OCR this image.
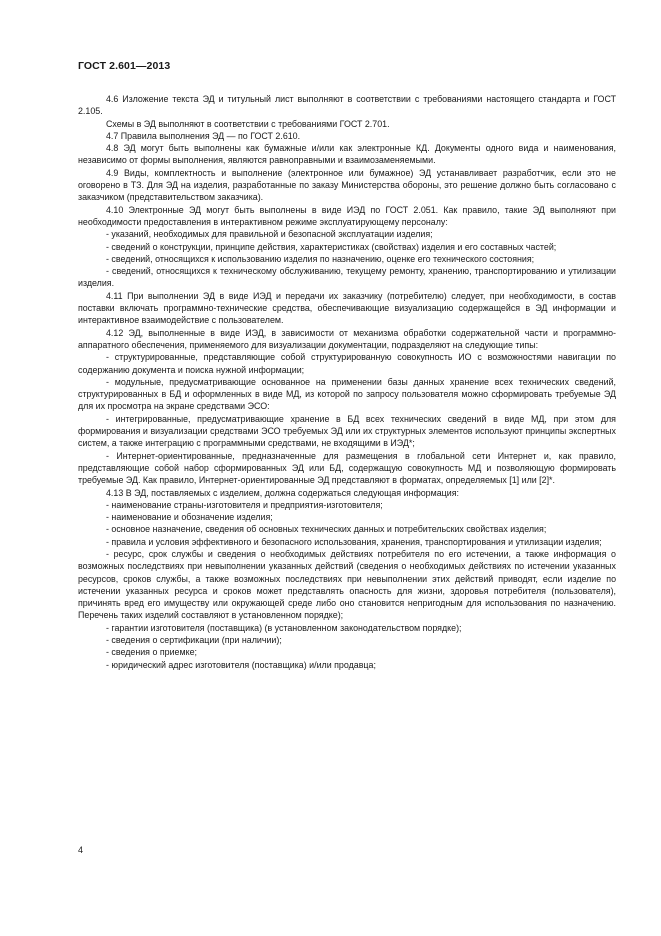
ГОСТ 2.601—2013

4.6 Изложение текста ЭД и титульный лист выполняют в соответствии с требованиями настоящего стандарта и ГОСТ 2.105.

Схемы в ЭД выполняют в соответствии с требованиями ГОСТ 2.701.

4.7 Правила выполнения ЭД — по ГОСТ 2.610.

4.8 ЭД могут быть выполнены как бумажные и/или как электронные КД. Документы одного вида и наименования, независимо от формы выполнения, являются равноправными и взаимозаменяемыми.

4.9 Виды, комплектность и выполнение (электронное или бумажное) ЭД устанавливает разработчик, если это не оговорено в ТЗ. Для ЭД на изделия, разработанные по заказу Министерства обороны, это решение должно быть согласовано с заказчиком (представительством заказчика).

4.10 Электронные ЭД могут быть выполнены в виде ИЭД по ГОСТ 2.051. Как правило, такие ЭД выполняют при необходимости предоставления в интерактивном режиме эксплуатирующему персоналу:

- указаний, необходимых для правильной и безопасной эксплуатации изделия;

- сведений о конструкции, принципе действия, характеристиках (свойствах) изделия и его составных частей;

- сведений, относящихся к использованию изделия по назначению, оценке его технического состояния;

- сведений, относящихся к техническому обслуживанию, текущему ремонту, хранению, транспортированию и утилизации изделия.

4.11 При выполнении ЭД в виде ИЭД и передачи их заказчику (потребителю) следует, при необходимости, в состав поставки включать программно-технические средства, обеспечивающие визуализацию содержащейся в ЭД информации и интерактивное взаимодействие с пользователем.

4.12 ЭД, выполненные в виде ИЭД, в зависимости от механизма обработки содержательной части и программно-аппаратного обеспечения, применяемого для визуализации документации, подразделяют на следующие типы:

- структурированные, представляющие собой структурированную совокупность ИО с возможностями навигации по содержанию документа и поиска нужной информации;

- модульные, предусматривающие основанное на применении базы данных хранение всех технических сведений, структурированных в БД и оформленных в виде МД, из которой по запросу пользователя можно сформировать требуемые ЭД для их просмотра на экране средствами ЭСО:

- интегрированные, предусматривающие хранение в БД всех технических сведений в виде МД, при этом для формирования и визуализации средствами ЭСО требуемых ЭД или их структурных элементов используют принципы экспертных систем, а также интеграцию с программными средствами, не входящими в ИЭД*;

- Интернет-ориентированные, предназначенные для размещения в глобальной сети Интернет и, как правило, представляющие собой набор сформированных ЭД или БД, содержащую совокупность МД и позволяющую формировать требуемые ЭД. Как правило, Интернет-ориентированные ЭД представляют в форматах, определяемых [1] или [2]*.

4.13 В ЭД, поставляемых с изделием, должна содержаться следующая информация:

- наименование страны-изготовителя и предприятия-изготовителя;

- наименование и обозначение изделия;

- основное назначение, сведения об основных технических данных и потребительских свойствах изделия;

- правила и условия эффективного и безопасного использования, хранения, транспортирования и утилизации изделия;

- ресурс, срок службы и сведения о необходимых действиях потребителя по его истечении, а также информация о возможных последствиях при невыполнении указанных действий (сведения о необходимых действиях по истечении указанных ресурсов, сроков службы, а также возможных последствиях при невыполнении этих действий приводят, если изделие по истечении указанных ресурса и сроков может представлять опасность для жизни, здоровья потребителя (пользователя), причинять вред его имуществу или окружающей среде либо оно становится непригодным для использования по назначению. Перечень таких изделий составляют в установленном порядке);

- гарантии изготовителя (поставщика) (в установленном законодательством порядке);

- сведения о сертификации (при наличии);

- сведения о приемке;

- юридический адрес изготовителя (поставщика) и/или продавца;

4
